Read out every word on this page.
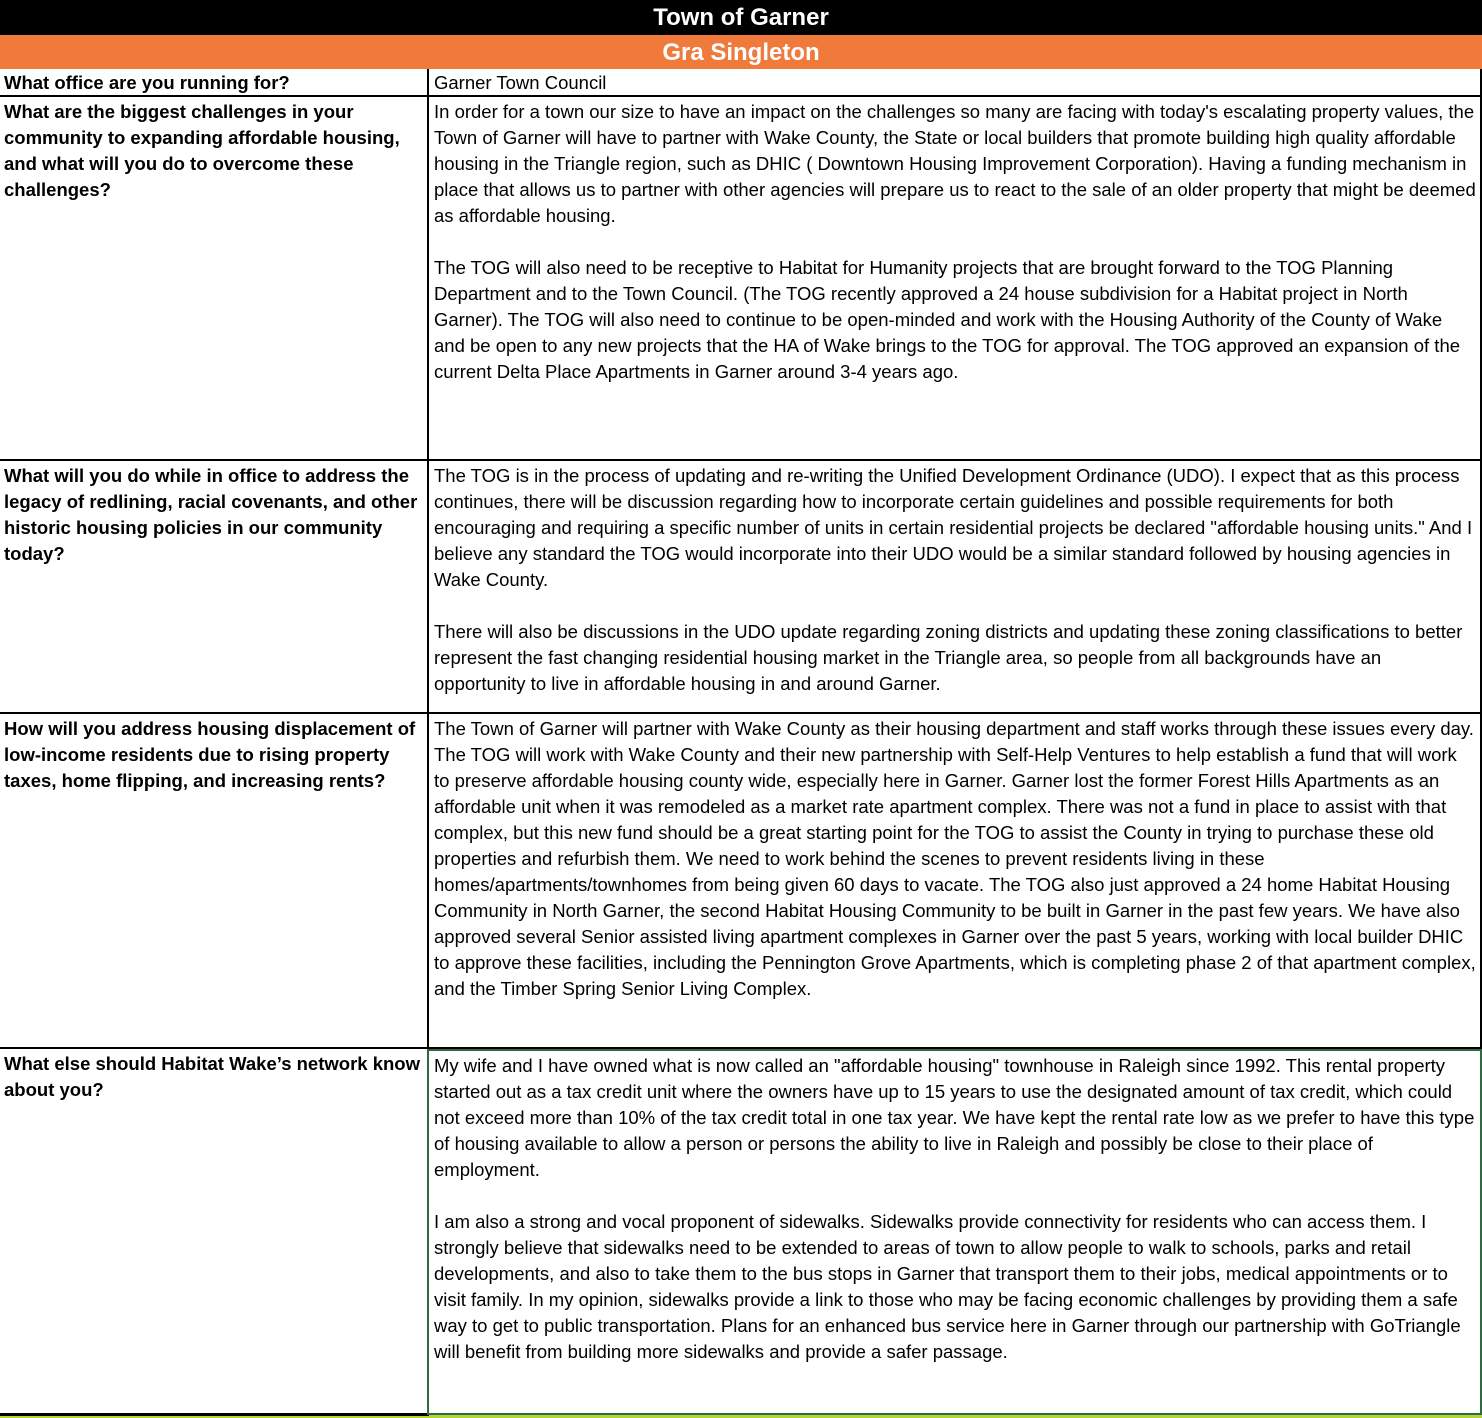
Town of Garner
Gra Singleton
What office are you running for?	Garner Town Council
What are the biggest challenges in your community to expanding affordable housing, and what will you do to overcome these challenges?

In order for a town our size to have an impact on the challenges so many are facing with today's escalating property values, the Town of Garner will have to partner with Wake County, the State or local builders that promote building high quality affordable housing in the Triangle region, such as DHIC ( Downtown Housing Improvement Corporation). Having a funding mechanism in place that allows us to partner with other agencies will prepare us to react to the sale of an older property that might be deemed as affordable housing.

The TOG will also need to be receptive to Habitat for Humanity projects that are brought forward to the TOG Planning Department and to the Town Council. (The TOG recently approved a 24 house subdivision for a Habitat project in North Garner). The TOG will also need to continue to be open-minded and work with the Housing Authority of the County of Wake and be open to any new projects that the HA of Wake brings to the TOG for approval. The TOG approved an expansion of the current Delta Place Apartments in Garner around 3-4 years ago.

What will you do while in office to address the legacy of redlining, racial covenants, and other historic housing policies in our community today?

The TOG is in the process of updating and re-writing the Unified Development Ordinance (UDO). I expect that as this process continues, there will be discussion regarding how to incorporate certain guidelines and possible requirements for both encouraging and requiring a specific number of units in certain residential projects be declared "affordable housing units." And I believe any standard the TOG would incorporate into their UDO would be a similar standard followed by housing agencies in Wake County.

There will also be discussions in the UDO update regarding zoning districts and updating these zoning classifications to better represent the fast changing residential housing market in the Triangle area, so people from all backgrounds have an opportunity to live in affordable housing in and around Garner.

How will you address housing displacement of low-income residents due to rising property taxes, home flipping, and increasing rents?

The Town of Garner will partner with Wake County as their housing department and staff works through these issues every day. The TOG will work with Wake County and their new partnership with Self-Help Ventures to help establish a fund that will work to preserve affordable housing county wide, especially here in Garner. Garner lost the former Forest Hills Apartments as an affordable unit when it was remodeled as a market rate apartment complex. There was not a fund in place to assist with that complex, but this new fund should be a great starting point for the TOG to assist the County in trying to purchase these old properties and refurbish them. We need to work behind the scenes to prevent residents living in these homes/apartments/townhomes from being given 60 days to vacate. The TOG also just approved a 24 home Habitat Housing Community in North Garner, the second Habitat Housing Community to be built in Garner in the past few years. We have also approved several Senior assisted living apartment complexes in Garner over the past 5 years, working with local builder DHIC to approve these facilities, including the Pennington Grove Apartments, which is completing phase 2 of that apartment complex, and the Timber Spring Senior Living Complex.

What else should Habitat Wake’s network know about you?

My wife and I have owned what is now called an "affordable housing" townhouse in Raleigh since 1992. This rental property started out as a tax credit unit where the owners have up to 15 years to use the designated amount of tax credit, which could not exceed more than 10% of the tax credit total in one tax year. We have kept the rental rate low as we prefer to have this type of housing available to allow a person or persons the ability to live in Raleigh and possibly be close to their place of employment.

I am also a strong and vocal proponent of sidewalks. Sidewalks provide connectivity for residents who can access them. I strongly believe that sidewalks need to be extended to areas of town to allow people to walk to schools, parks and retail developments, and also to take them to the bus stops in Garner that transport them to their jobs, medical appointments or to visit family. In my opinion, sidewalks provide a link to those who may be facing economic challenges by providing them a safe way to get to public transportation. Plans for an enhanced bus service here in Garner through our partnership with GoTriangle will benefit from building more sidewalks and provide a safer passage.
